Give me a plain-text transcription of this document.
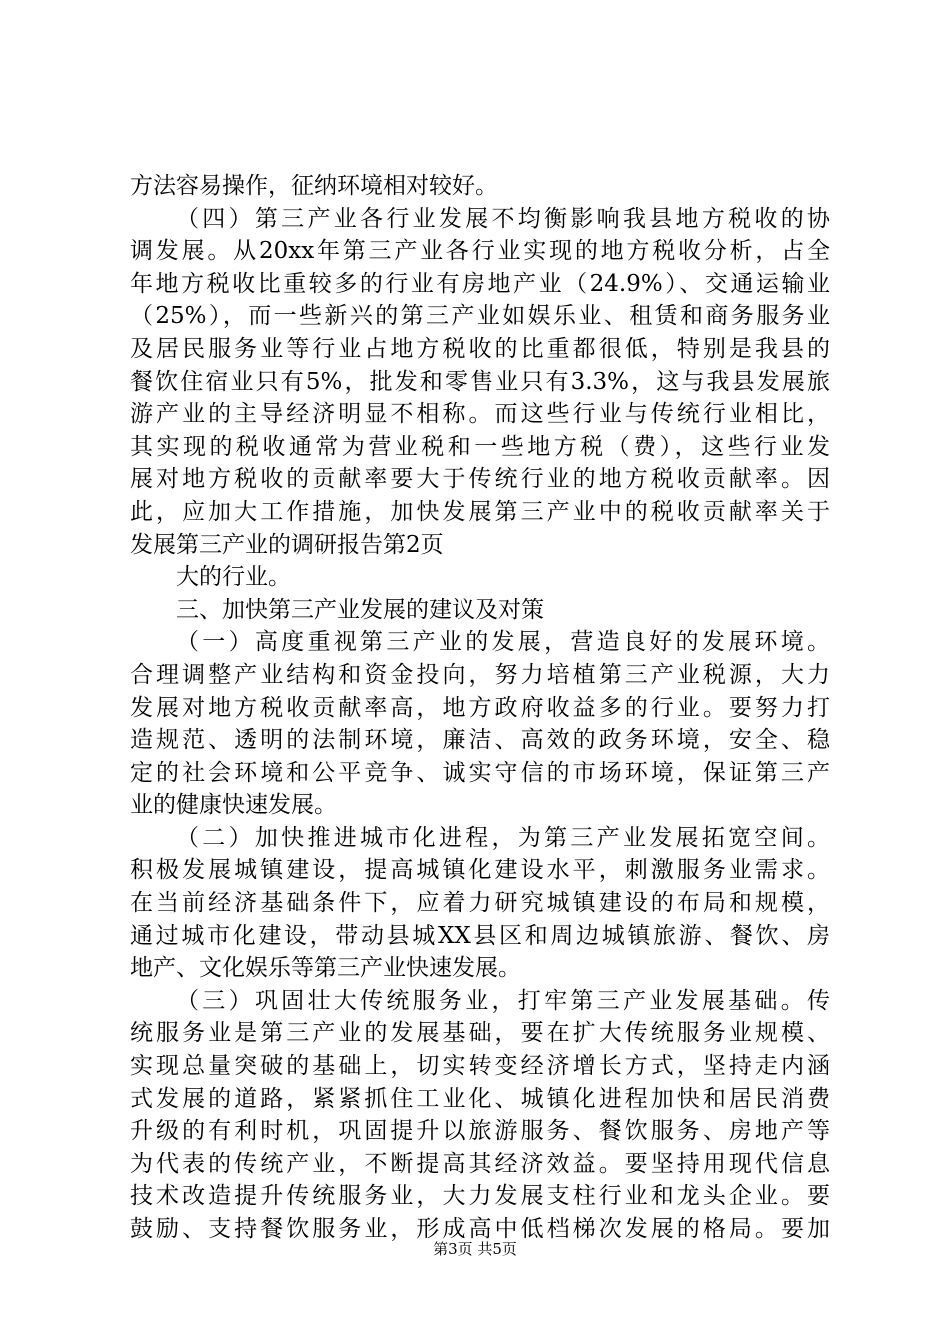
方法容易操作，征纳环境相对较好。
（四）第三产业各行业发展不均衡影响我县地方税收的协
调发展。从20xx年第三产业各行业实现的地方税收分析，占全
年地方税收比重较多的行业有房地产业（24.9%）、交通运输业
（25%），而一些新兴的第三产业如娱乐业、租赁和商务服务业
及居民服务业等行业占地方税收的比重都很低，特别是我县的
餐饮住宿业只有5%，批发和零售业只有3.3%，这与我县发展旅
游产业的主导经济明显不相称。而这些行业与传统行业相比，
其实现的税收通常为营业税和一些地方税（费），这些行业发
展对地方税收的贡献率要大于传统行业的地方税收贡献率。因
此，应加大工作措施，加快发展第三产业中的税收贡献率关于
发展第三产业的调研报告第2页
大的行业。
三、加快第三产业发展的建议及对策
（一）高度重视第三产业的发展，营造良好的发展环境。
合理调整产业结构和资金投向，努力培植第三产业税源，大力
发展对地方税收贡献率高，地方政府收益多的行业。要努力打
造规范、透明的法制环境，廉洁、高效的政务环境，安全、稳
定的社会环境和公平竞争、诚实守信的市场环境，保证第三产
业的健康快速发展。
（二）加快推进城市化进程，为第三产业发展拓宽空间。
积极发展城镇建设，提高城镇化建设水平，刺激服务业需求。
在当前经济基础条件下，应着力研究城镇建设的布局和规模，
通过城市化建设，带动县城XX县区和周边城镇旅游、餐饮、房
地产、文化娱乐等第三产业快速发展。
（三）巩固壮大传统服务业，打牢第三产业发展基础。传
统服务业是第三产业的发展基础，要在扩大传统服务业规模、
实现总量突破的基础上，切实转变经济增长方式，坚持走内涵
式发展的道路，紧紧抓住工业化、城镇化进程加快和居民消费
升级的有利时机，巩固提升以旅游服务、餐饮服务、房地产等
为代表的传统产业，不断提高其经济效益。要坚持用现代信息
技术改造提升传统服务业，大力发展支柱行业和龙头企业。要
鼓励、支持餐饮服务业，形成高中低档梯次发展的格局。要加
第3页 共5页
